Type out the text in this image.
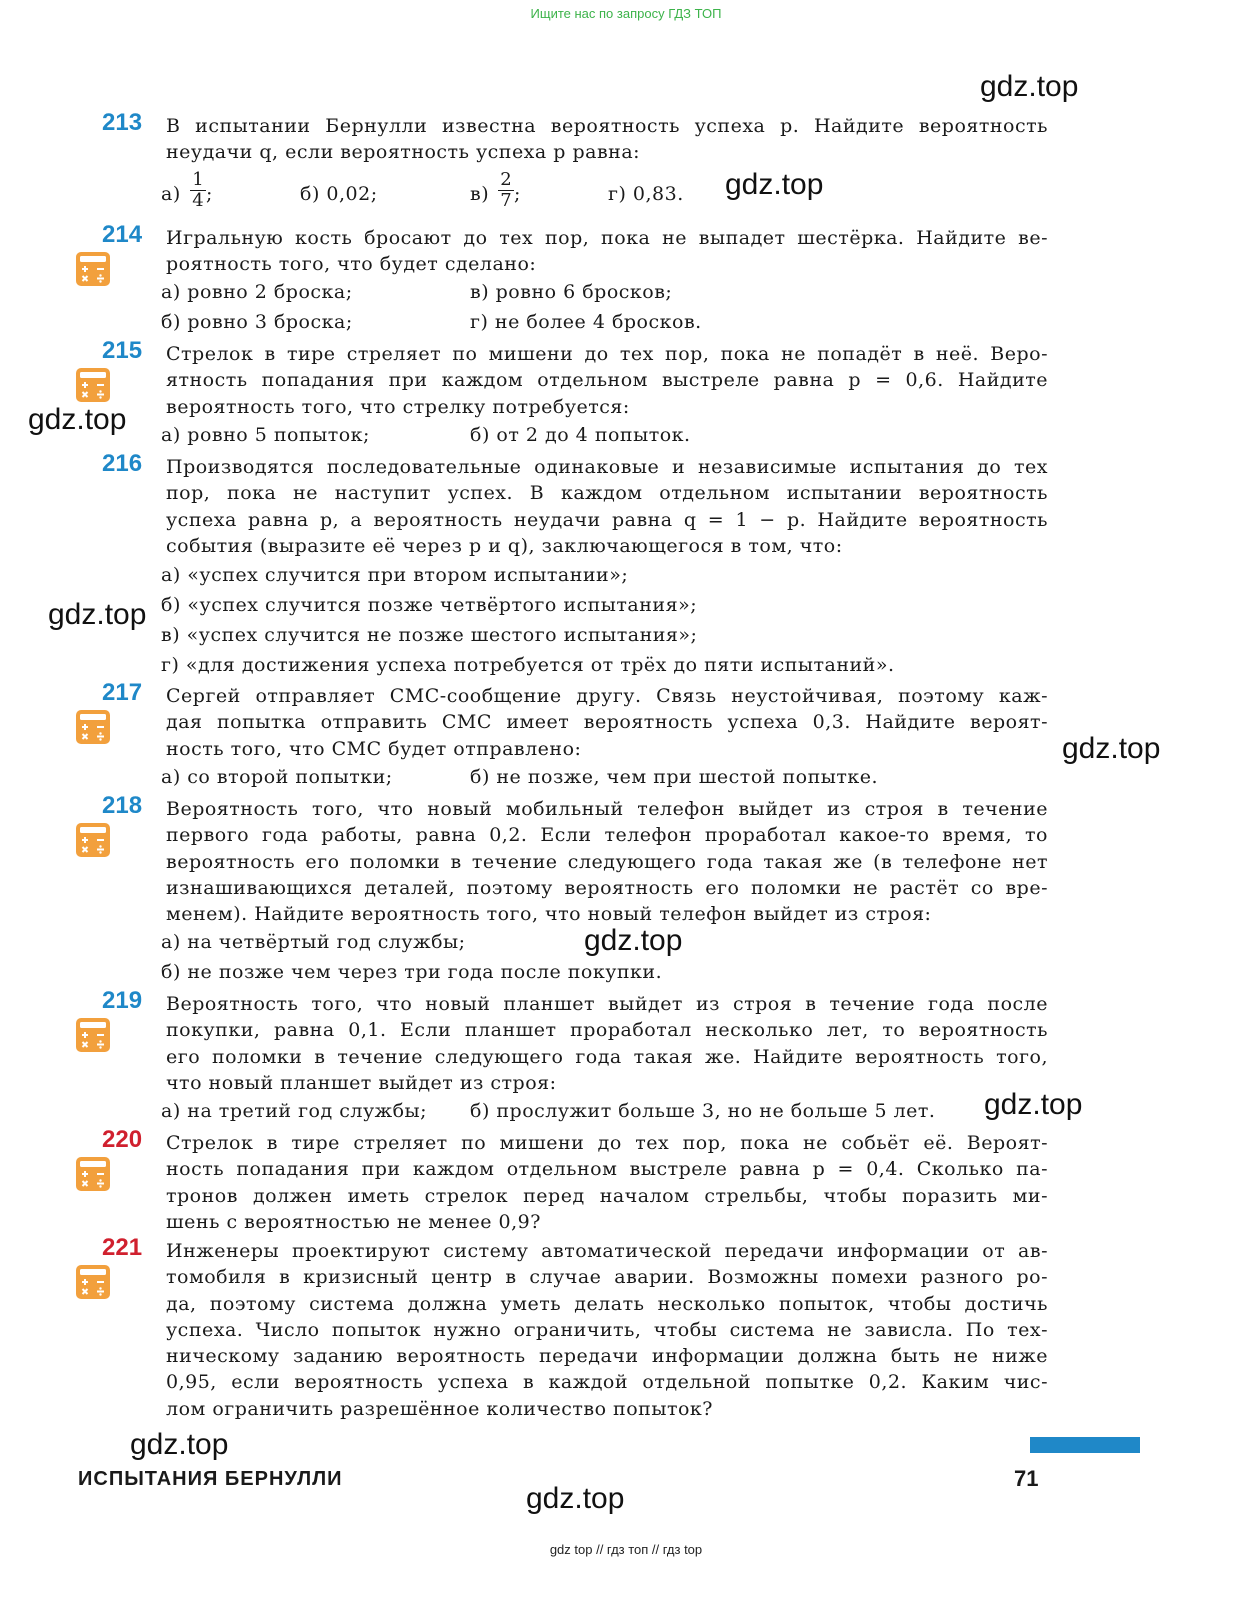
Ищите нас по запросу ГДЗ ТОП
gdz.top
gdz.top
gdz.top
gdz.top
gdz.top
gdz.top
gdz.top
gdz.top
gdz.top
213	В испытании Бернулли известна вероятность успеха p. Найдите вероятность
неудачи q, если вероятность успеха p равна:
а)
1
4 ;	б) 0,02;	в)
2
7 ;	г) 0,83.
214	Игральную кость бросают до тех пор, пока не выпадет шестёрка. Найдите ве-
роятность того, что будет сделано:
а) ровно 2 броска;	в) ровно 6 бросков;
б) ровно 3 броска;	г) не более 4 бросков.
215	Стрелок в тире стреляет по мишени до тех пор, пока не попадёт в неё. Веро-
ятность попадания при каждом отдельном выстреле равна p = 0,6. Найдите
вероятность того, что стрелку потребуется:
а) ровно 5 попыток;	б) от 2 до 4 попыток.
216	Производятся последовательные одинаковые и независимые испытания до тех
пор, пока не наступит успех. В каждом отдельном испытании вероятность
успеха равна p, а вероятность неудачи равна q = 1 − p. Найдите вероятность
события (выразите её через p и q), заключающегося в том, что:
а) «успех случится при втором испытании»;
б) «успех случится позже четвёртого испытания»;
в) «успех случится не позже шестого испытания»;
г) «для достижения успеха потребуется от трёх до пяти испытаний».
217	Сергей отправляет СМС-сообщение другу. Связь неустойчивая, поэтому каж-
дая попытка отправить СМС имеет вероятность успеха 0,3. Найдите вероят-
ность того, что СМС будет отправлено:
а) со второй попытки;	б) не позже, чем при шестой попытке.
218	Вероятность того, что новый мобильный телефон выйдет из строя в течение
первого года работы, равна 0,2. Если телефон проработал какое-то время, то
вероятность его поломки в течение следующего года такая же (в телефоне нет
изнашивающихся деталей, поэтому вероятность его поломки не растёт со вре-
менем). Найдите вероятность того, что новый телефон выйдет из строя:
а) на четвёртый год службы;
б) не позже чем через три года после покупки.
219	Вероятность того, что новый планшет выйдет из строя в течение года после
покупки, равна 0,1. Если планшет проработал несколько лет, то вероятность
его поломки в течение следующего года такая же. Найдите вероятность того,
что новый планшет выйдет из строя:
а) на третий год службы; б) прослужит больше 3, но не больше 5 лет.
220	Стрелок в тире стреляет по мишени до тех пор, пока не собьёт её. Вероят-
ность попадания при каждом отдельном выстреле равна p = 0,4. Сколько па-
тронов должен иметь стрелок перед началом стрельбы, чтобы поразить ми-
шень с вероятностью не менее 0,9?
221	Инженеры проектируют систему автоматической передачи информации от ав-
томобиля в кризисный центр в случае аварии. Возможны помехи разного ро-
да, поэтому система должна уметь делать несколько попыток, чтобы достичь
успеха. Число попыток нужно ограничить, чтобы система не зависла. По тех-
ническому заданию вероятность передачи информации должна быть не ниже
0,95, если вероятность успеха в каждой отдельной попытке 0,2. Каким чис-
лом ограничить разрешённое количество попыток?
ИСПЫТАНИЯ БЕРНУЛЛИ	71
gdz top // гдз топ // гдз top
